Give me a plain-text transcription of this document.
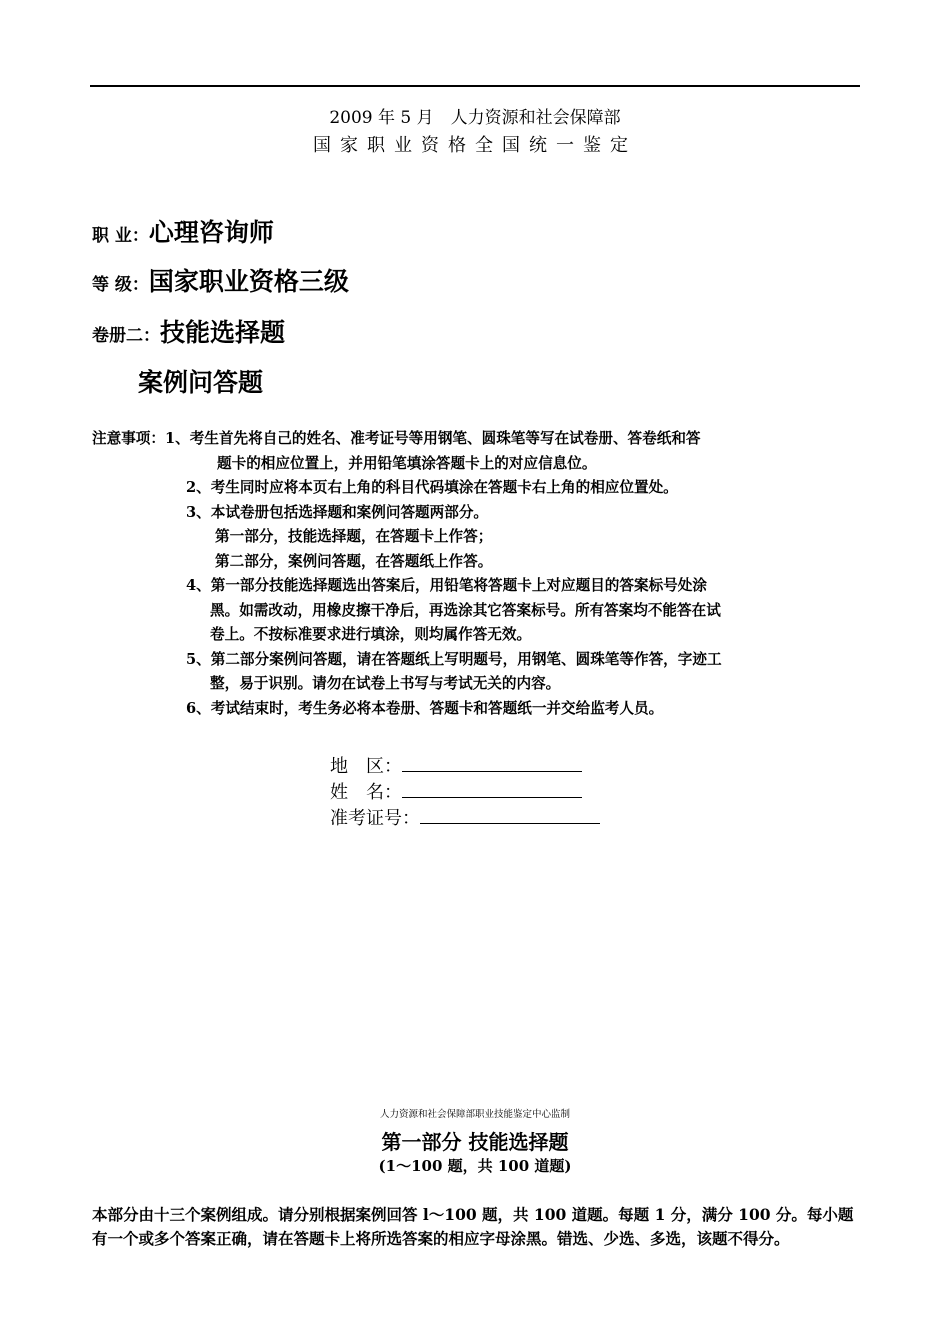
2009 年 5 月　人力资源和社会保障部
国家职业资格全国统一鉴定
职 业：心理咨询师
等 级：国家职业资格三级
卷册二：技能选择题
案例问答题
注意事项：1、考生首先将自己的姓名、准考证号等用钢笔、圆珠笔等写在试卷册、答卷纸和答
题卡的相应位置上，并用铅笔填涂答题卡上的对应信息位。
2、考生同时应将本页右上角的科目代码填涂在答题卡右上角的相应位置处。
3、本试卷册包括选择题和案例问答题两部分。
第一部分，技能选择题，在答题卡上作答；
第二部分，案例问答题，在答题纸上作答。
4、第一部分技能选择题选出答案后，用铅笔将答题卡上对应题目的答案标号处涂
黑。如需改动，用橡皮擦干净后，再选涂其它答案标号。所有答案均不能答在试
卷上。不按标准要求进行填涂，则均属作答无效。
5、第二部分案例问答题，请在答题纸上写明题号，用钢笔、圆珠笔等作答，字迹工
整，易于识别。请勿在试卷上书写与考试无关的内容。
6、考试结束时，考生务必将本卷册、答题卡和答题纸一并交给监考人员。
地　区：
姓　名：
准考证号：
人力资源和社会保障部职业技能鉴定中心监制
第一部分 技能选择题
(1～100 题，共 100 道题)
本部分由十三个案例组成。请分别根据案例回答 l～100 题，共 100 道题。每题 1 分，满分 100 分。每小题有一个或多个答案正确，请在答题卡上将所选答案的相应字母涂黑。错选、少选、多选，该题不得分。
